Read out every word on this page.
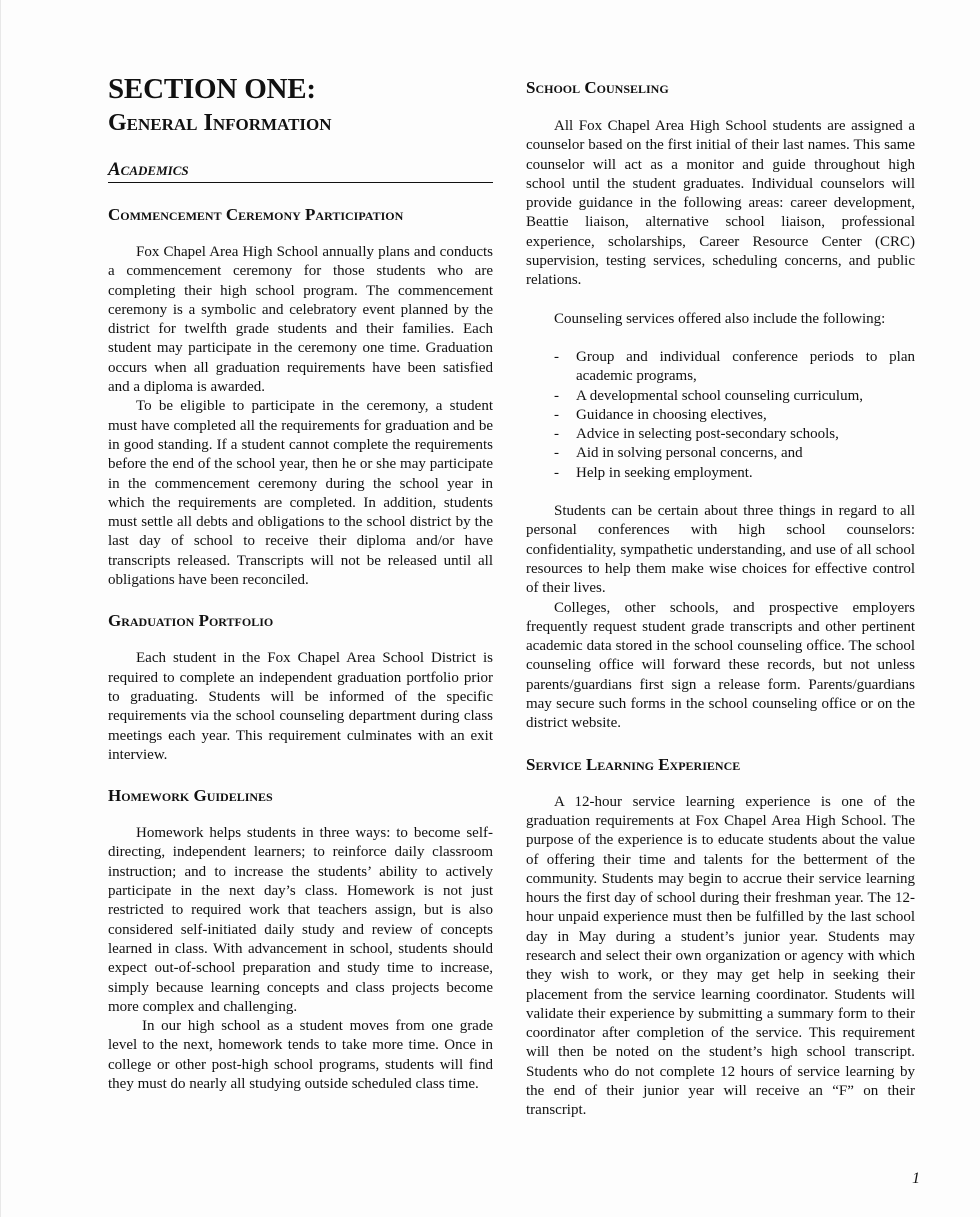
SECTION ONE:
General Information
Academics
Commencement Ceremony Participation

Fox Chapel Area High School annually plans and conducts a commencement ceremony for those students who are completing their high school program. The commencement ceremony is a symbolic and celebratory event planned by the district for twelfth grade students and their families. Each student may participate in the ceremony one time. Graduation occurs when all graduation requirements have been satisfied and a diploma is awarded.

To be eligible to participate in the ceremony, a student must have completed all the requirements for graduation and be in good standing. If a student cannot complete the requirements before the end of the school year, then he or she may participate in the commencement ceremony during the school year in which the requirements are completed. In addition, students must settle all debts and obligations to the school district by the last day of school to receive their diploma and/or have transcripts released. Transcripts will not be released until all obligations have been reconciled.

Graduation Portfolio

Each student in the Fox Chapel Area School District is required to complete an independent graduation portfolio prior to graduating. Students will be informed of the specific requirements via the school counseling department during class meetings each year. This requirement culminates with an exit interview.

Homework Guidelines

Homework helps students in three ways: to become self-directing, independent learners; to reinforce daily classroom instruction; and to increase the students’ ability to actively participate in the next day’s class. Homework is not just restricted to required work that teachers assign, but is also considered self-initiated daily study and review of concepts learned in class. With advancement in school, students should expect out-of-school preparation and study time to increase, simply because learning concepts and class projects become more complex and challenging.

In our high school as a student moves from one grade level to the next, homework tends to take more time. Once in college or other post-high school programs, students will find they must do nearly all studying outside scheduled class time.

School Counseling

All Fox Chapel Area High School students are assigned a counselor based on the first initial of their last names. This same counselor will act as a monitor and guide throughout high school until the student graduates. Individual counselors will provide guidance in the following areas: career development, Beattie liaison, alternative school liaison, professional experience, scholarships, Career Resource Center (CRC) supervision, testing services, scheduling concerns, and public relations.

Counseling services offered also include the following:

- Group and individual conference periods to plan academic programs,
- A developmental school counseling curriculum,
- Guidance in choosing electives,
- Advice in selecting post-secondary schools,
- Aid in solving personal concerns, and
- Help in seeking employment.

Students can be certain about three things in regard to all personal conferences with high school counselors: confidentiality, sympathetic understanding, and use of all school resources to help them make wise choices for effective control of their lives.

Colleges, other schools, and prospective employers frequently request student grade transcripts and other pertinent academic data stored in the school counseling office. The school counseling office will forward these records, but not unless parents/guardians first sign a release form. Parents/guardians may secure such forms in the school counseling office or on the district website.

Service Learning Experience

A 12-hour service learning experience is one of the graduation requirements at Fox Chapel Area High School. The purpose of the experience is to educate students about the value of offering their time and talents for the betterment of the community. Students may begin to accrue their service learning hours the first day of school during their freshman year. The 12-hour unpaid experience must then be fulfilled by the last school day in May during a student’s junior year. Students may research and select their own organization or agency with which they wish to work, or they may get help in seeking their placement from the service learning coordinator. Students will validate their experience by submitting a summary form to their coordinator after completion of the service. This requirement will then be noted on the student’s high school transcript. Students who do not complete 12 hours of service learning by the end of their junior year will receive an “F” on their transcript.

1
